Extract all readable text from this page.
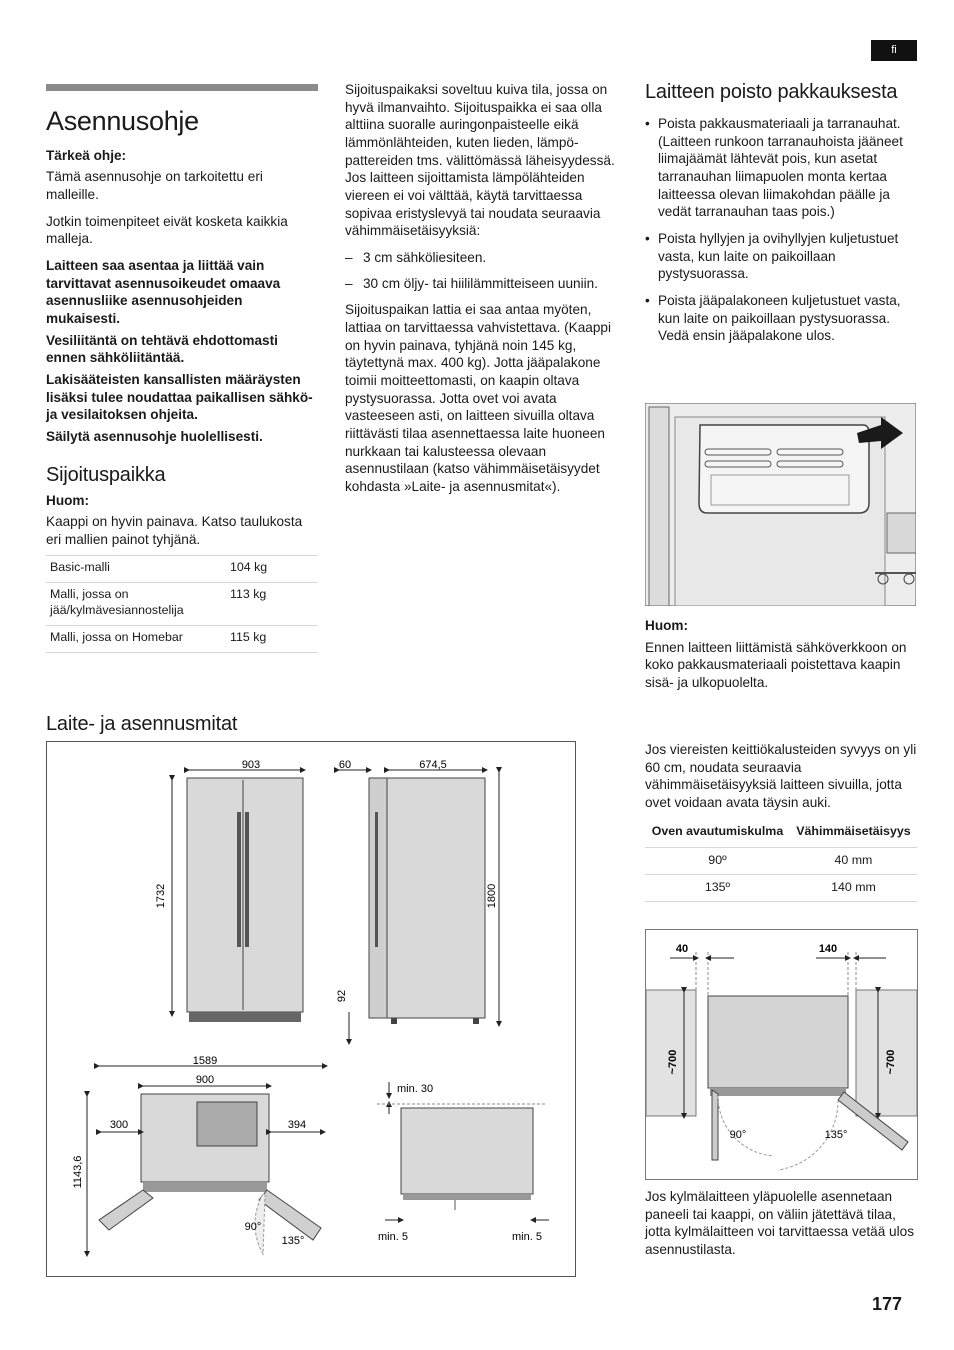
fi
Asennusohje
Tärkeä ohje:

Tämä asennusohje on tarkoitettu eri malleille.

Jotkin toimenpiteet eivät kosketa kaikkia malleja.

Laitteen saa asentaa ja liittää vain tarvittavat asennusoikeudet omaava asennusliike asennusohjeiden mukaisesti.

Vesiliitäntä on tehtävä ehdottomasti ennen sähköliitäntää.

Lakisääteisten kansallisten määräysten lisäksi tulee noudattaa paikallisen sähkö- ja vesilaitoksen ohjeita.

Säilytä asennusohje huolellisesti.

Sijoituspaikka
Huom:

Kaappi on hyvin painava. Katso taulukosta eri mallien painot tyhjänä.

Basic-malli	104 kg
Malli, jossa on jää/kylmävesiannostelija	113 kg
Malli, jossa on Homebar	115 kg

Sijoituspaikaksi soveltuu kuiva tila, jossa on hyvä ilmanvaihto. Sijoituspaikka ei saa olla alttiina suoralle auringonpaisteelle eikä lämmönlähteiden, kuten lieden, lämpöpattereiden tms. välittömässä läheisyydessä. Jos laitteen sijoittamista lämpölähteiden viereen ei voi välttää, käytä tarvittaessa sopivaa eristyslevyä tai noudata seuraavia vähimmäisetäisyyksiä:

– 3 cm sähköliesiteen.
– 30 cm öljy- tai hiililämmitteiseen uuniin.

Sijoituspaikan lattia ei saa antaa myöten, lattiaa on tarvittaessa vahvistettava. (Kaappi on hyvin painava, tyhjänä noin 145 kg, täytettynä max. 400 kg). Jotta jääpalakone toimii moitteettomasti, on kaapin oltava pystysuorassa. Jotta ovet voi avata vasteeseen asti, on laitteen sivuilla oltava riittävästi tilaa asennettaessa laite huoneen nurkkaan tai kalusteessa olevaan asennustilaan (katso vähimmäisetäisyydet kohdasta »Laite- ja asennusmitat«).

Laitteen poisto pakkauksesta
• Poista pakkausmateriaali ja tarranauhat. (Laitteen runkoon tarranauhoista jääneet liimajäämät lähtevät pois, kun asetat tarranauhan liimapuolen monta kertaa laitteessa olevan liimakohdan päälle ja vedät tarranauhan taas pois.)
• Poista hyllyjen ja ovihyllyjen kuljetustuet vasta, kun laite on paikoillaan pystysuorassa.
• Poista jääpalakoneen kuljetustuet vasta, kun laite on paikoillaan pystysuorassa. Vedä ensin jääpalakone ulos.
Huom:

Ennen laitteen liittämistä sähköverkkoon on koko pakkausmateriaali poistettava kaapin sisä- ja ulkopuolelta.

Laite- ja asennusmitat
903
1732
60	674,5
1800
92
1589
900
300	394
1143,6
90°
135°
min. 30
min. 5	min. 5

Jos viereisten keittiökalusteiden syvyys on yli 60 cm, noudata seuraavia vähimmäisetäisyyksiä laitteen sivuilla, jotta ovet voidaan avata täysin auki.

Oven avautumiskulma	Vähimmäisetäisyys
90º	40 mm
135º	140 mm
40	140
~700	~700
90°	135°

Jos kylmälaitteen yläpuolelle asennetaan paneeli tai kaappi, on väliin jätettävä tilaa, jotta kylmälaitteen voi tarvittaessa vetää ulos asennustilasta.

177
